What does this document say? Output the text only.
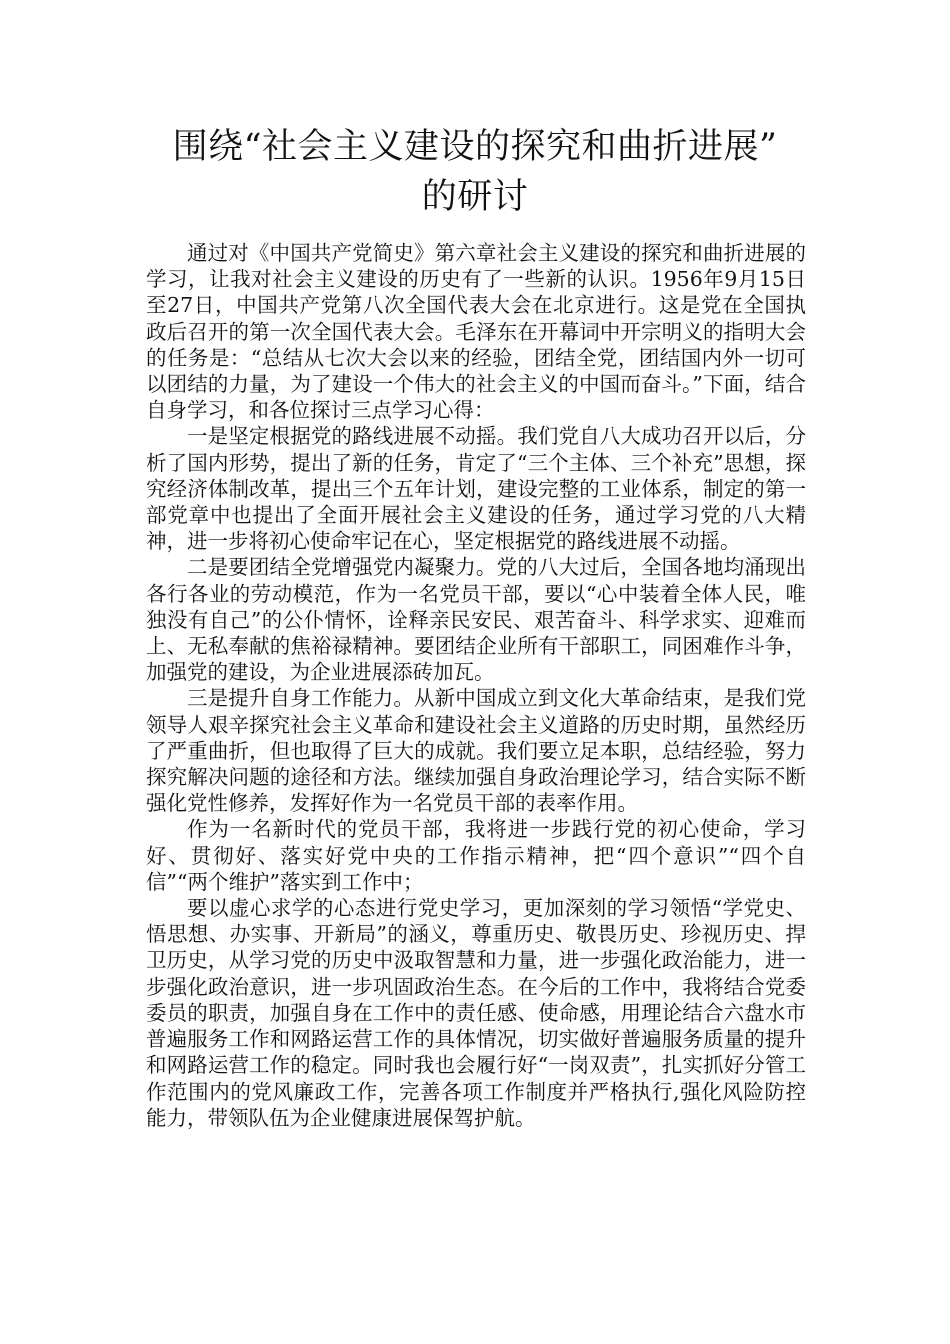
围绕“社会主义建设的探究和曲折进展”
的研讨

通过对《中国共产党简史》第六章社会主义建设的探究和曲折进展的学习，让我对社会主义建设的历史有了一些新的认识。1956年9月15日至27日，中国共产党第八次全国代表大会在北京进行。这是党在全国执政后召开的第一次全国代表大会。毛泽东在开幕词中开宗明义的指明大会的任务是：“总结从七次大会以来的经验，团结全党，团结国内外一切可以团结的力量，为了建设一个伟大的社会主义的中国而奋斗。”下面，结合自身学习，和各位探讨三点学习心得：

一是坚定根据党的路线进展不动摇。我们党自八大成功召开以后，分析了国内形势，提出了新的任务，肯定了“三个主体、三个补充”思想，探究经济体制改革，提出三个五年计划，建设完整的工业体系，制定的第一部党章中也提出了全面开展社会主义建设的任务，通过学习党的八大精神，进一步将初心使命牢记在心，坚定根据党的路线进展不动摇。

二是要团结全党增强党内凝聚力。党的八大过后，全国各地均涌现出各行各业的劳动模范，作为一名党员干部，要以“心中装着全体人民，唯独没有自己”的公仆情怀，诠释亲民安民、艰苦奋斗、科学求实、迎难而上、无私奉献的焦裕禄精神。要团结企业所有干部职工，同困难作斗争，加强党的建设，为企业进展添砖加瓦。

三是提升自身工作能力。从新中国成立到文化大革命结束，是我们党领导人艰辛探究社会主义革命和建设社会主义道路的历史时期，虽然经历了严重曲折，但也取得了巨大的成就。我们要立足本职，总结经验，努力探究解决问题的途径和方法。继续加强自身政治理论学习，结合实际不断强化党性修养，发挥好作为一名党员干部的表率作用。

作为一名新时代的党员干部，我将进一步践行党的初心使命，学习好、贯彻好、落实好党中央的工作指示精神，把“四个意识”“四个自信”“两个维护”落实到工作中；

要以虚心求学的心态进行党史学习，更加深刻的学习领悟“学党史、悟思想、办实事、开新局”的涵义，尊重历史、敬畏历史、珍视历史、捍卫历史，从学习党的历史中汲取智慧和力量，进一步强化政治能力，进一步强化政治意识，进一步巩固政治生态。在今后的工作中，我将结合党委委员的职责，加强自身在工作中的责任感、使命感，用理论结合六盘水市普遍服务工作和网路运营工作的具体情况，切实做好普遍服务质量的提升和网路运营工作的稳定。同时我也会履行好“一岗双责”，扎实抓好分管工作范围内的党风廉政工作，完善各项工作制度并严格执行,强化风险防控能力，带领队伍为企业健康进展保驾护航。
